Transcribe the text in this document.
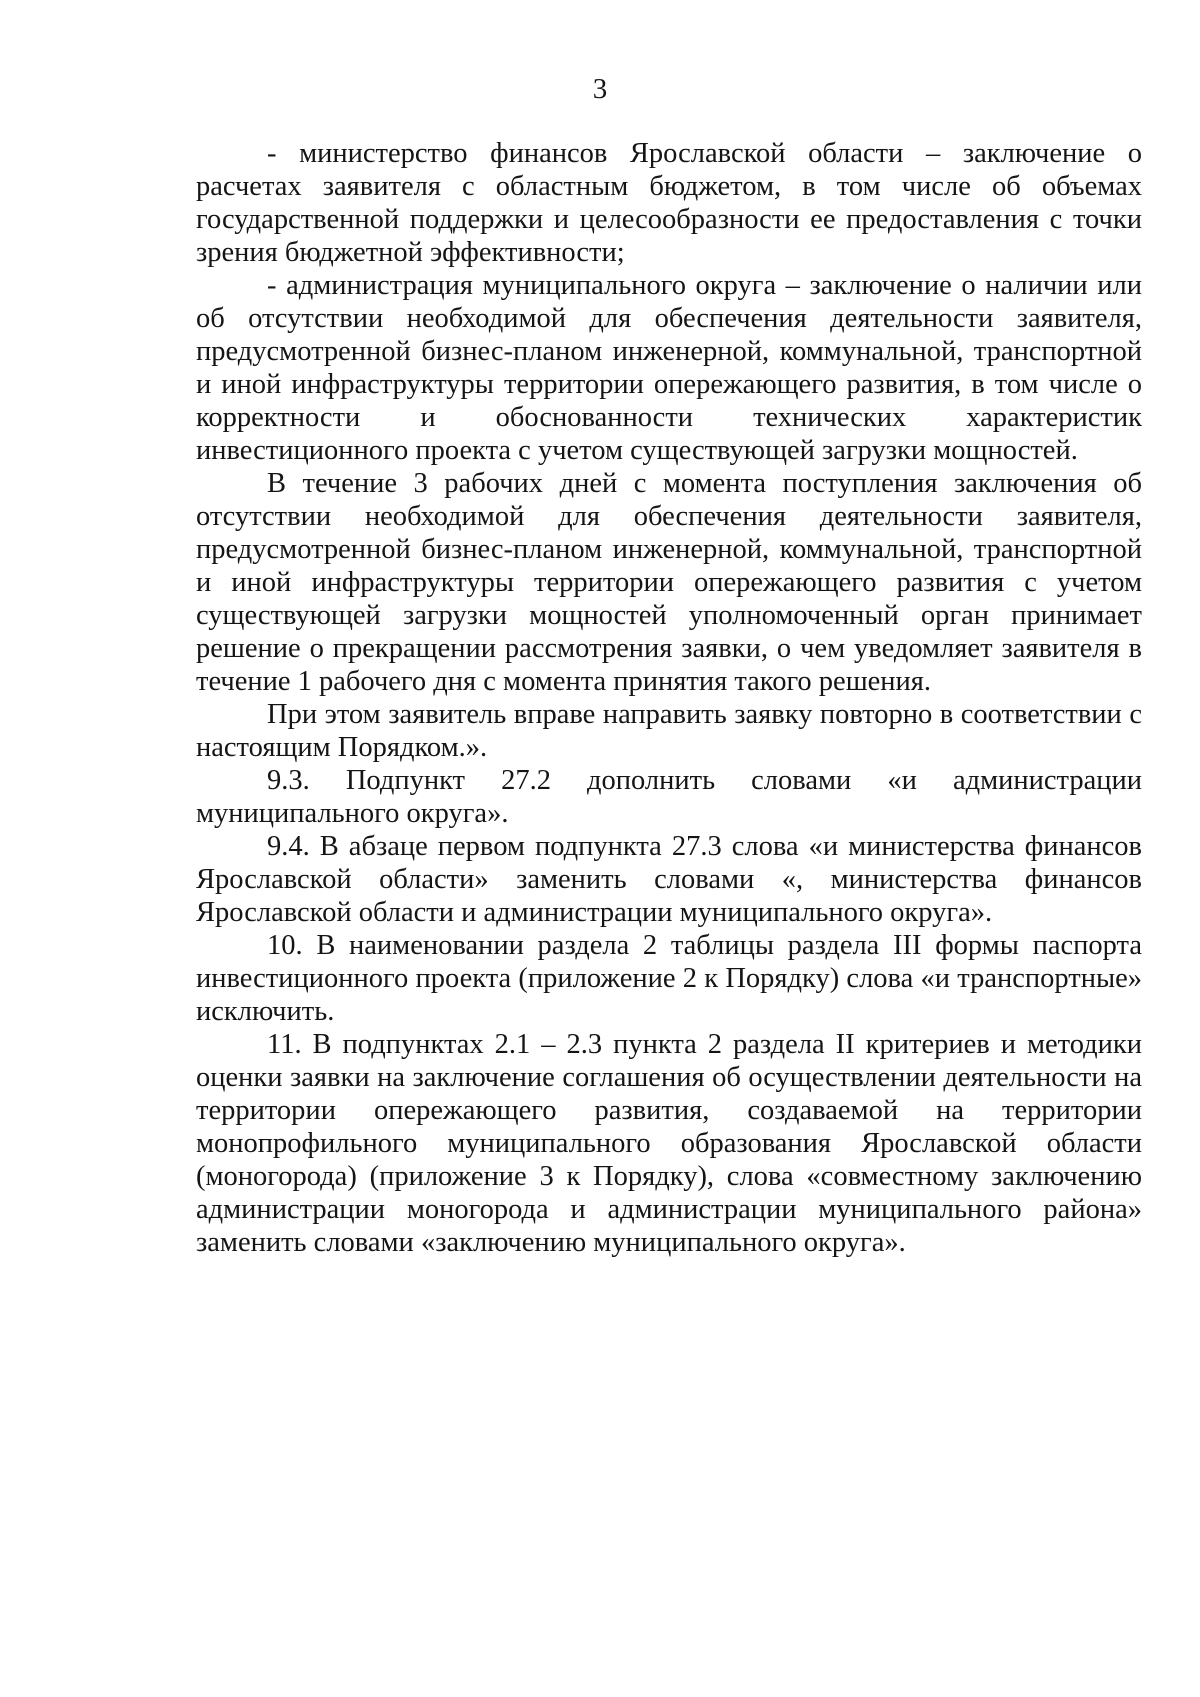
3

- министерство финансов Ярославской области – заключение о расчетах заявителя с областным бюджетом, в том числе об объемах государственной поддержки и целесообразности ее предоставления с точки зрения бюджетной эффективности;

- администрация муниципального округа – заключение о наличии или об отсутствии необходимой для обеспечения деятельности заявителя, предусмотренной бизнес-планом инженерной, коммунальной, транспортной и иной инфраструктуры территории опережающего развития, в том числе о корректности и обоснованности технических характеристик инвестиционного проекта с учетом существующей загрузки мощностей.

В течение 3 рабочих дней с момента поступления заключения об отсутствии необходимой для обеспечения деятельности заявителя, предусмотренной бизнес-планом инженерной, коммунальной, транспортной и иной инфраструктуры территории опережающего развития с учетом существующей загрузки мощностей уполномоченный орган принимает решение о прекращении рассмотрения заявки, о чем уведомляет заявителя в течение 1 рабочего дня с момента принятия такого решения.

При этом заявитель вправе направить заявку повторно в соответствии с настоящим Порядком.».

9.3. Подпункт 27.2 дополнить словами «и администрации муниципального округа».

9.4. В абзаце первом подпункта 27.3 слова «и министерства финансов Ярославской области» заменить словами «, министерства финансов Ярославской области и администрации муниципального округа».

10. В наименовании раздела 2 таблицы раздела III формы паспорта инвестиционного проекта (приложение 2 к Порядку) слова «и транспортные» исключить.

11. В подпунктах 2.1 – 2.3 пункта 2 раздела II критериев и методики оценки заявки на заключение соглашения об осуществлении деятельности на территории опережающего развития, создаваемой на территории монопрофильного муниципального образования Ярославской области (моногорода) (приложение 3 к Порядку), слова «совместному заключению администрации моногорода и администрации муниципального района» заменить словами «заключению муниципального округа».
